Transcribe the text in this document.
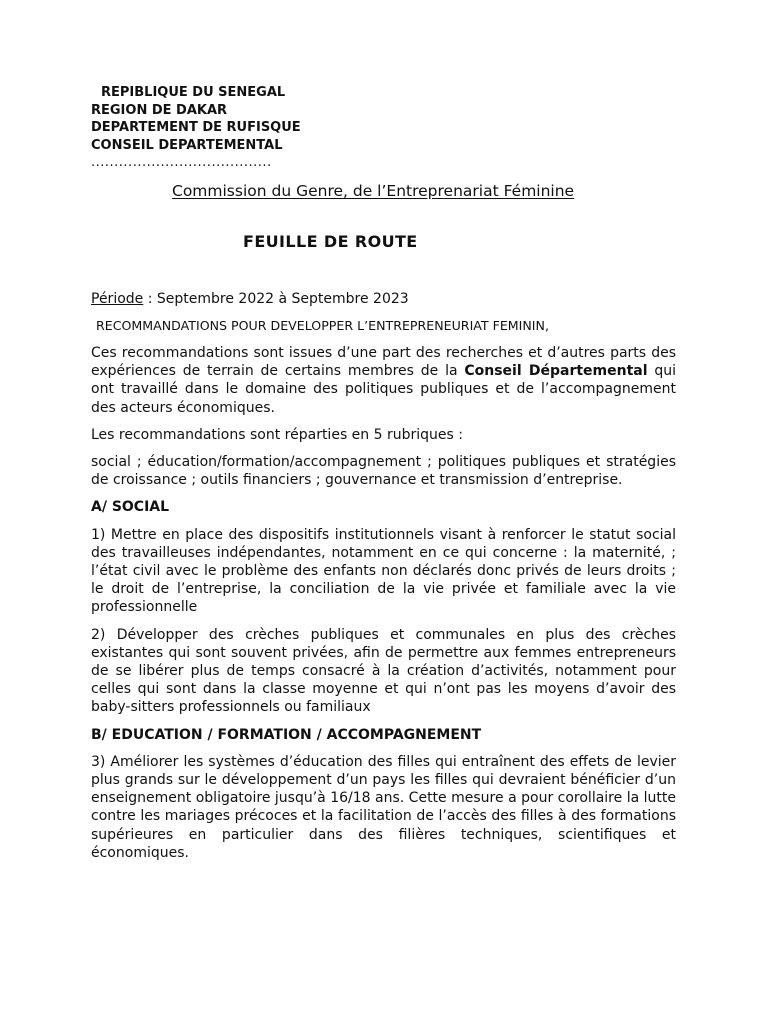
REPIBLIQUE DU SENEGAL
REGION DE DAKAR
DEPARTEMENT DE RUFISQUE
CONSEIL DEPARTEMENTAL
.......................................
Commission du Genre, de l’Entreprenariat Féminine
FEUILLE DE ROUTE
Période : Septembre 2022 à Septembre 2023
RECOMMANDATIONS POUR DEVELOPPER L’ENTREPRENEURIAT FEMININ,

Ces recommandations sont issues d’une part des recherches et d’autres parts des expériences de terrain de certains membres de la Conseil Départemental qui ont travaillé dans le domaine des politiques publiques et de l’accompagnement des acteurs économiques.

Les recommandations sont réparties en 5 rubriques :

social ; éducation/formation/accompagnement ; politiques publiques et stratégies de croissance ; outils financiers ; gouvernance et transmission d’entreprise.

A/ SOCIAL

1) Mettre en place des dispositifs institutionnels visant à renforcer le statut social des travailleuses indépendantes, notamment en ce qui concerne : la maternité, ; l’état civil avec le problème des enfants non déclarés donc privés de leurs droits ; le droit de l’entreprise, la conciliation de la vie privée et familiale avec la vie professionnelle

2) Développer des crèches publiques et communales en plus des crèches existantes qui sont souvent privées, afin de permettre aux femmes entrepreneurs de se libérer plus de temps consacré à la création d’activités, notamment pour celles qui sont dans la classe moyenne et qui n’ont pas les moyens d’avoir des baby-sitters professionnels ou familiaux

B/ EDUCATION / FORMATION / ACCOMPAGNEMENT

3) Améliorer les systèmes d’éducation des filles qui entraînent des effets de levier plus grands sur le développement d’un pays les filles qui devraient bénéficier d’un enseignement obligatoire jusqu’à 16/18 ans. Cette mesure a pour corollaire la lutte contre les mariages précoces et la facilitation de l’accès des filles à des formations supérieures en particulier dans des filières techniques, scientifiques et économiques.
